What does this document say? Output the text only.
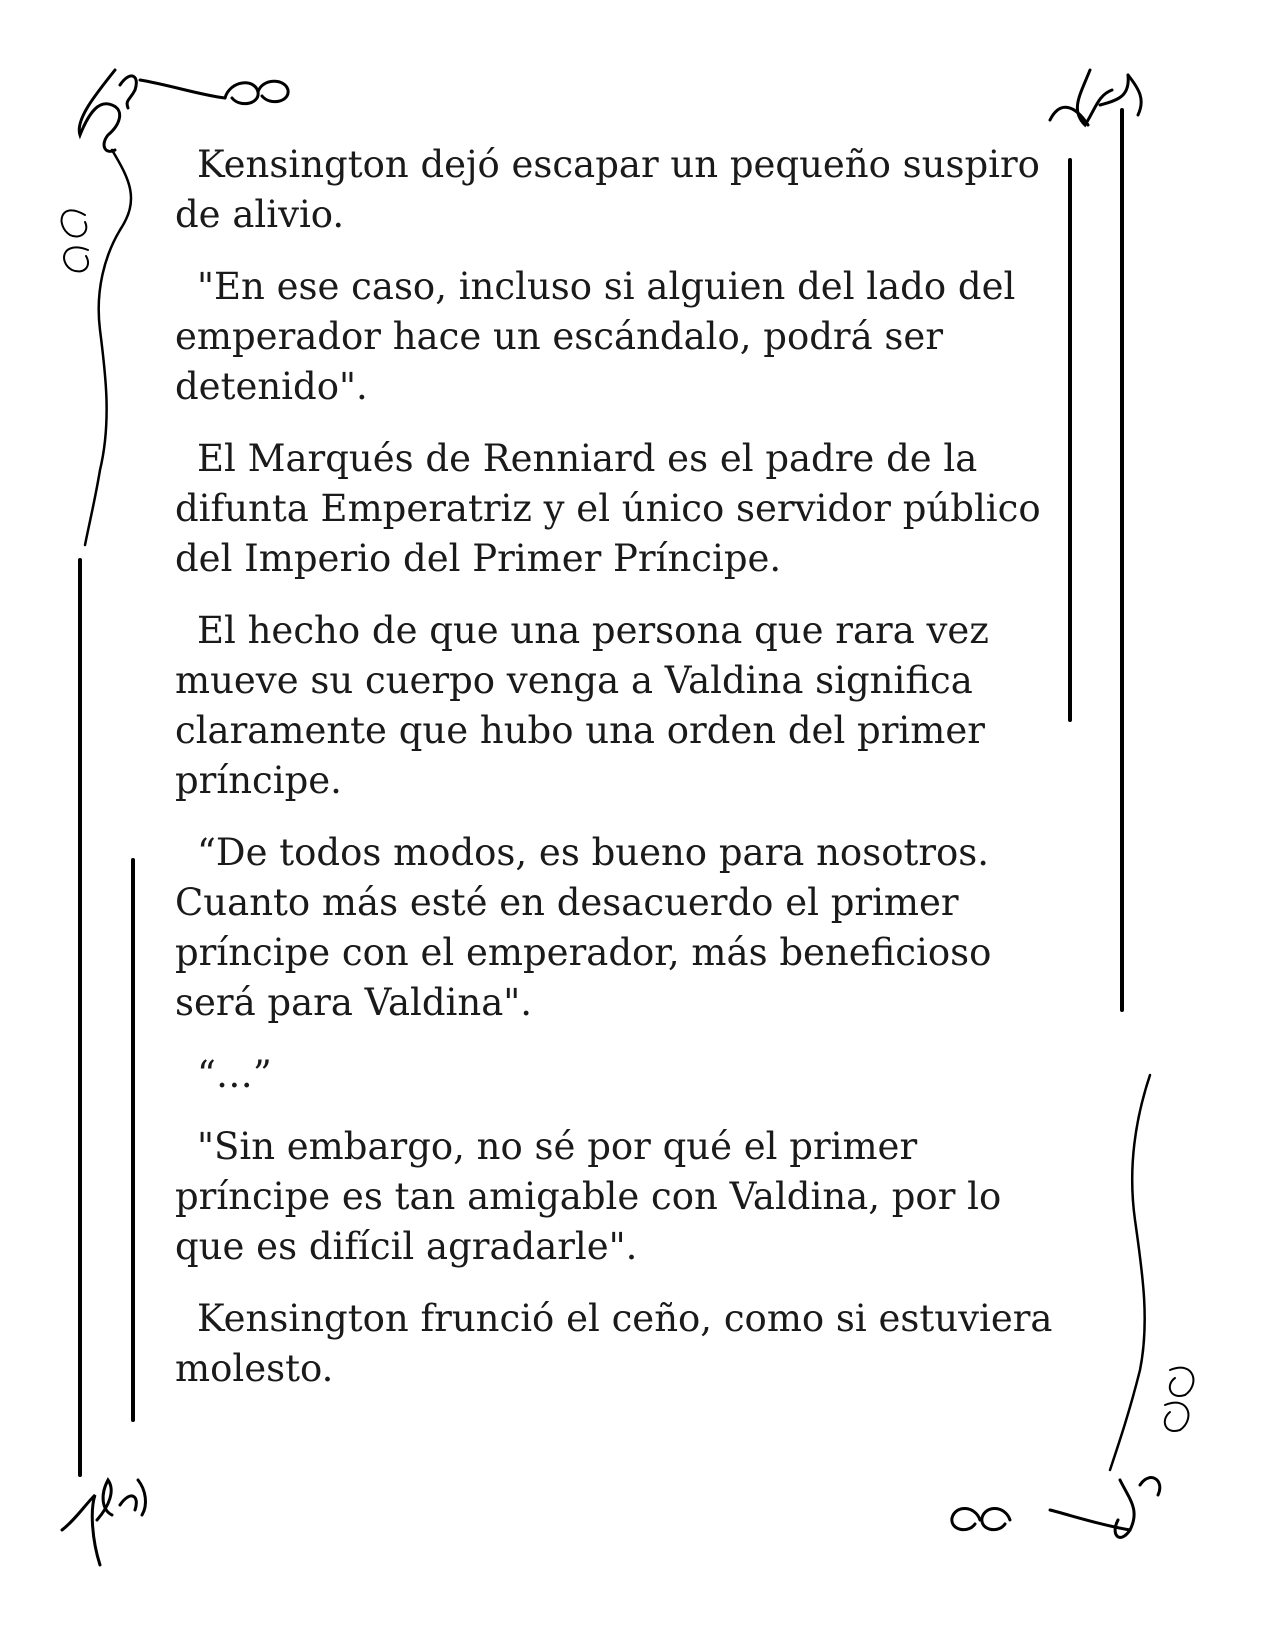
Kensington dejó escapar un pequeño suspiro de alivio.

"En ese caso, incluso si alguien del lado del emperador hace un escándalo, podrá ser detenido".

El Marqués de Renniard es el padre de la difunta Emperatriz y el único servidor público del Imperio del Primer Príncipe.

El hecho de que una persona que rara vez mueve su cuerpo venga a Valdina significa claramente que hubo una orden del primer príncipe.

“De todos modos, es bueno para nosotros. Cuanto más esté en desacuerdo el primer príncipe con el emperador, más beneficioso será para Valdina".

“…”

"Sin embargo, no sé por qué el primer príncipe es tan amigable con Valdina, por lo que es difícil agradarle".

Kensington frunció el ceño, como si estuviera molesto.
